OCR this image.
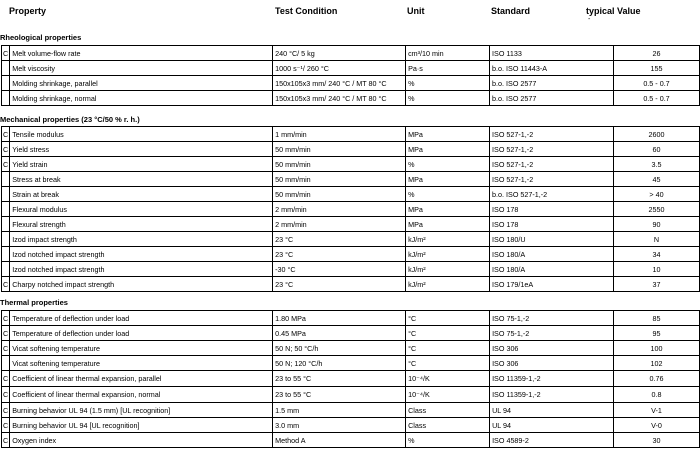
Property	Test Condition	Unit	Standard	typical Value
-
Rheological properties
C	Melt volume-flow rate	240 °C/ 5 kg	cm³/10 min	ISO 1133	26
	Melt viscosity	1000 s⁻¹/ 260 °C	Pa·s	b.o. ISO 11443-A	155
	Molding shrinkage, parallel	150x105x3 mm/ 240 °C / MT 80 °C	%	b.o. ISO 2577	0.5 - 0.7
	Molding shrinkage, normal	150x105x3 mm/ 240 °C / MT 80 °C	%	b.o. ISO 2577	0.5 - 0.7
Mechanical properties (23 °C/50 % r. h.)
C	Tensile modulus	1 mm/min	MPa	ISO 527-1,-2	2600
C	Yield stress	50 mm/min	MPa	ISO 527-1,-2	60
C	Yield strain	50 mm/min	%	ISO 527-1,-2	3.5
	Stress at break	50 mm/min	MPa	ISO 527-1,-2	45
	Strain at break	50 mm/min	%	b.o. ISO 527-1,-2	> 40
	Flexural modulus	2 mm/min	MPa	ISO 178	2550
	Flexural strength	2 mm/min	MPa	ISO 178	90
	Izod impact strength	23 °C	kJ/m²	ISO 180/U	N
	Izod notched impact strength	23 °C	kJ/m²	ISO 180/A	34
	Izod notched impact strength	-30 °C	kJ/m²	ISO 180/A	10
C	Charpy notched impact strength	23 °C	kJ/m²	ISO 179/1eA	37
Thermal properties
C	Temperature of deflection under load	1.80 MPa	°C	ISO 75-1,-2	85
C	Temperature of deflection under load	0.45 MPa	°C	ISO 75-1,-2	95
C	Vicat softening temperature	50 N; 50 °C/h	°C	ISO 306	100
	Vicat softening temperature	50 N; 120 °C/h	°C	ISO 306	102
C	Coefficient of linear thermal expansion, parallel	23 to 55 °C	10⁻⁴/K	ISO 11359-1,-2	0.76
C	Coefficient of linear thermal expansion, normal	23 to 55 °C	10⁻⁴/K	ISO 11359-1,-2	0.8
C	Burning behavior UL 94 (1.5 mm) [UL recognition]	1.5 mm	Class	UL 94	V-1
C	Burning behavior UL 94 [UL recognition]	3.0 mm	Class	UL 94	V-0
C	Oxygen index	Method A	%	ISO 4589-2	30
